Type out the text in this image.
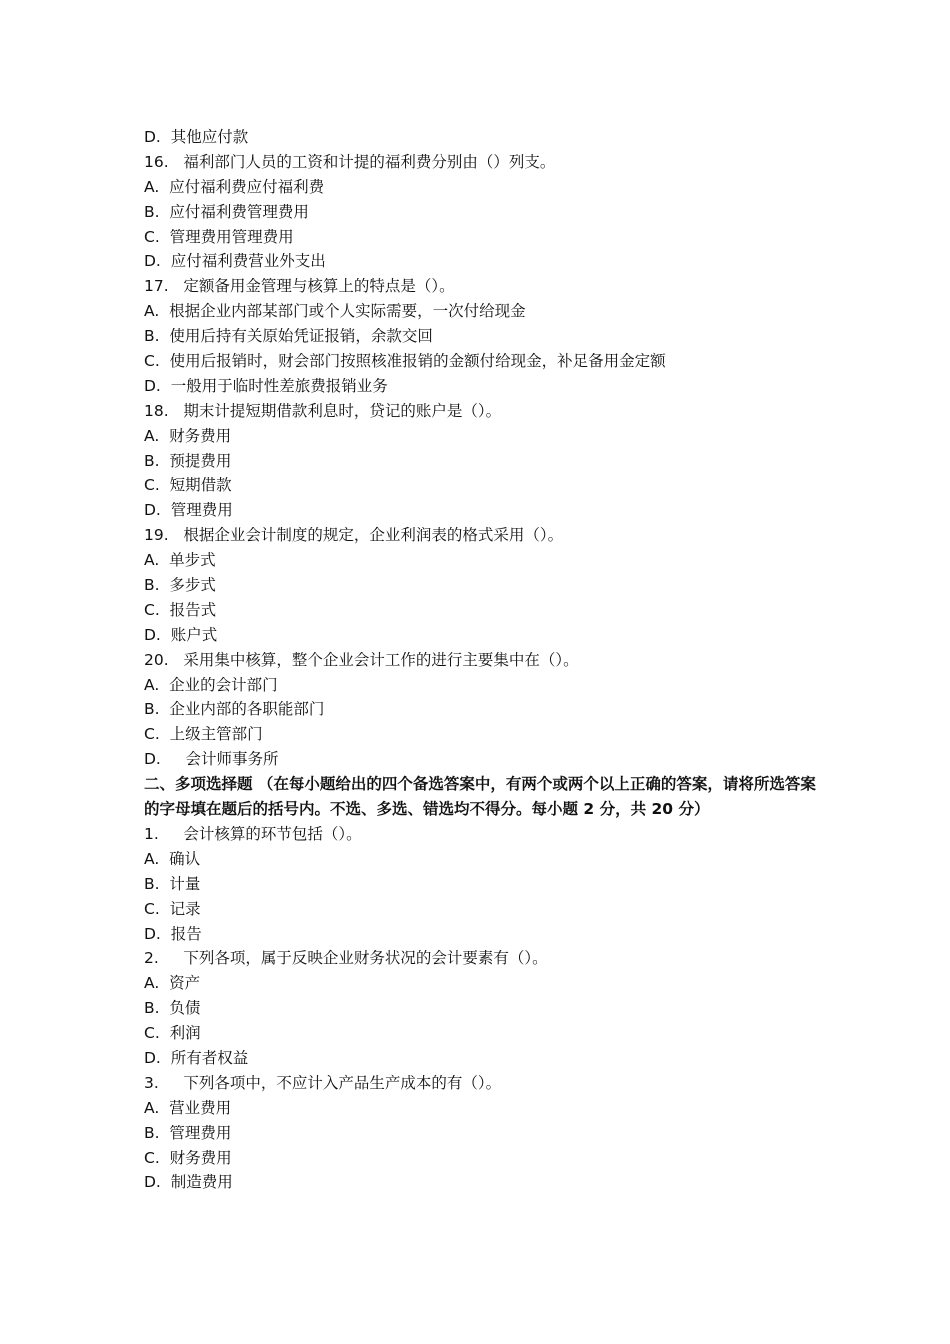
D.  其他应付款
16.   福利部门人员的工资和计提的福利费分别由（）列支。
A.  应付福利费应付福利费
B.  应付福利费管理费用
C.  管理费用管理费用
D.  应付福利费营业外支出
17.   定额备用金管理与核算上的特点是（）。
A.  根据企业内部某部门或个人实际需要，一次付给现金
B.  使用后持有关原始凭证报销，余款交回
C.  使用后报销时，财会部门按照核准报销的金额付给现金，补足备用金定额
D.  一般用于临时性差旅费报销业务
18.   期末计提短期借款利息时，贷记的账户是（）。
A.  财务费用
B.  预提费用
C.  短期借款
D.  管理费用
19.   根据企业会计制度的规定，企业利润表的格式采用（）。
A.  单步式
B.  多步式
C.  报告式
D.  账户式
20.   采用集中核算，整个企业会计工作的进行主要集中在（）。
A.  企业的会计部门
B.  企业内部的各职能部门
C.  上级主管部门
D.     会计师事务所
二、多项选择题 （在每小题给出的四个备选答案中，有两个或两个以上正确的答案，请将所选答案的字母填在题后的括号内。不选、多选、错选均不得分。每小题 2 分，共 20 分）
1.     会计核算的环节包括（）。
A.  确认
B.  计量
C.  记录
D.  报告
2.     下列各项，属于反映企业财务状况的会计要素有（）。
A.  资产
B.  负债
C.  利润
D.  所有者权益
3.     下列各项中，不应计入产品生产成本的有（）。
A.  营业费用
B.  管理费用
C.  财务费用
D.  制造费用
